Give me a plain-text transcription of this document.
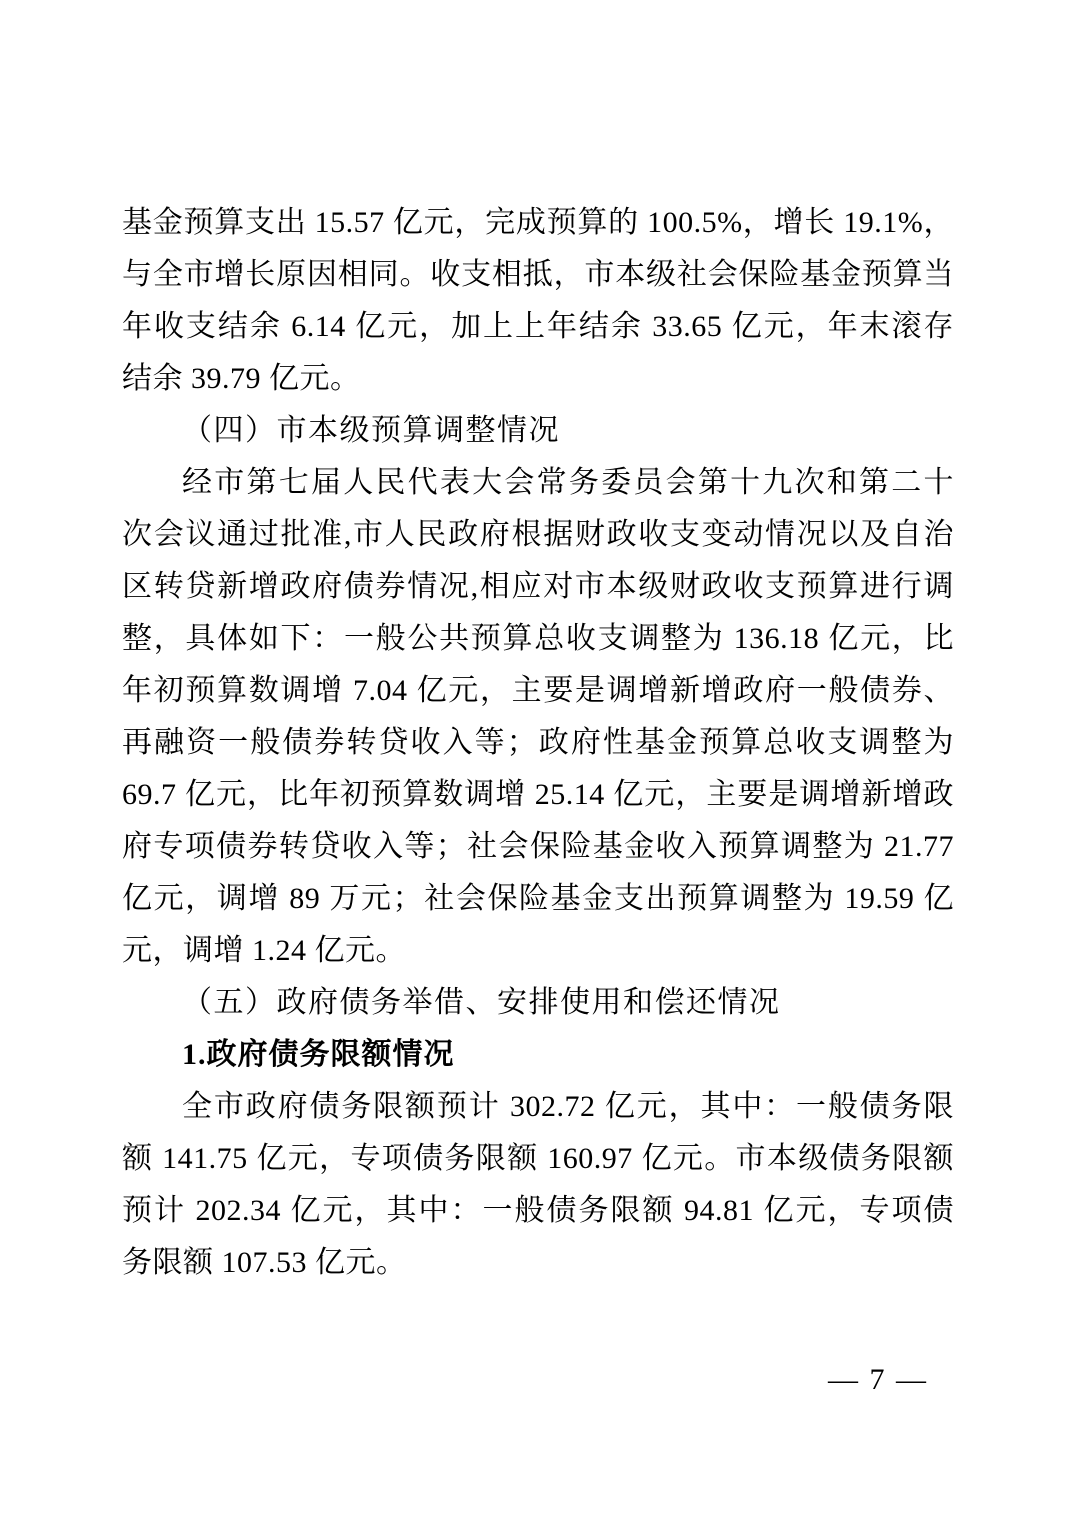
基金预算支出 15.57 亿元，完成预算的 100.5%，增长 19.1%，
与全市增长原因相同。收支相抵，市本级社会保险基金预算当
年收支结余 6.14 亿元，加上上年结余 33.65 亿元，年末滚存
结余 39.79 亿元。
（四）市本级预算调整情况
经市第七届人民代表大会常务委员会第十九次和第二十
次会议通过批准,市人民政府根据财政收支变动情况以及自治
区转贷新增政府债券情况,相应对市本级财政收支预算进行调
整，具体如下：一般公共预算总收支调整为 136.18 亿元，比
年初预算数调增 7.04 亿元，主要是调增新增政府一般债券、
再融资一般债券转贷收入等；政府性基金预算总收支调整为
69.7 亿元，比年初预算数调增 25.14 亿元，主要是调增新增政
府专项债券转贷收入等；社会保险基金收入预算调整为 21.77
亿元，调增 89 万元；社会保险基金支出预算调整为 19.59 亿
元，调增 1.24 亿元。
（五）政府债务举借、安排使用和偿还情况
1.政府债务限额情况
全市政府债务限额预计 302.72 亿元，其中：一般债务限
额 141.75 亿元，专项债务限额 160.97 亿元。市本级债务限额
预计 202.34 亿元，其中：一般债务限额 94.81 亿元，专项债
务限额 107.53 亿元。
— 7 —
